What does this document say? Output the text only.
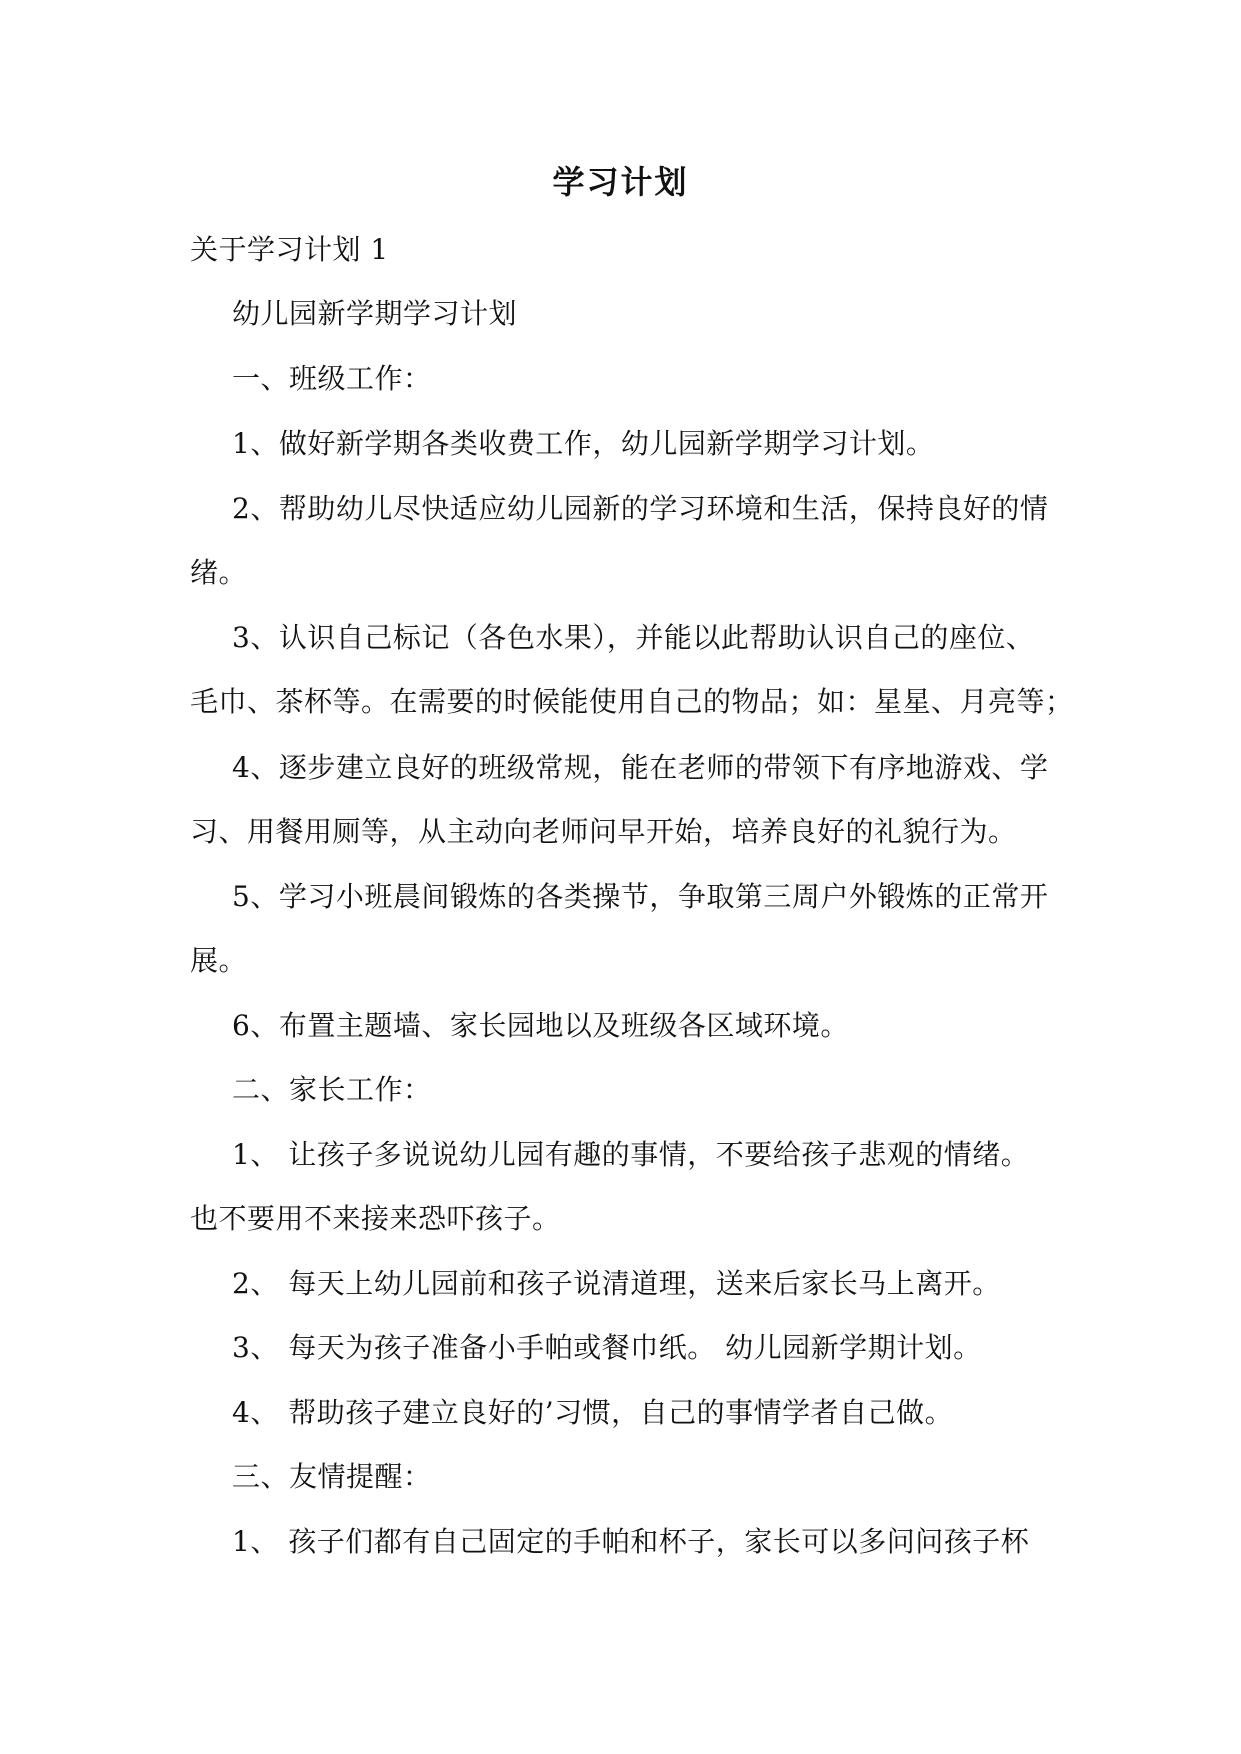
学习计划
关于学习计划 1
幼儿园新学期学习计划
一、班级工作：
1、做好新学期各类收费工作，幼儿园新学期学习计划。
2、帮助幼儿尽快适应幼儿园新的学习环境和生活，保持良好的情
绪。
3、认识自己标记（各色水果），并能以此帮助认识自己的座位、
毛巾、茶杯等。在需要的时候能使用自己的物品；如：星星、月亮等；
4、逐步建立良好的班级常规，能在老师的带领下有序地游戏、学
习、用餐用厕等，从主动向老师问早开始，培养良好的礼貌行为。
5、学习小班晨间锻炼的各类操节，争取第三周户外锻炼的正常开
展。
6、布置主题墙、家长园地以及班级各区域环境。
二、家长工作：
1、 让孩子多说说幼儿园有趣的事情，不要给孩子悲观的情绪。
也不要用不来接来恐吓孩子。
2、 每天上幼儿园前和孩子说清道理，送来后家长马上离开。
3、 每天为孩子准备小手帕或餐巾纸。 幼儿园新学期计划。
4、 帮助孩子建立良好的’习惯，自己的事情学者自己做。
三、友情提醒：
1、 孩子们都有自己固定的手帕和杯子，家长可以多问问孩子杯
